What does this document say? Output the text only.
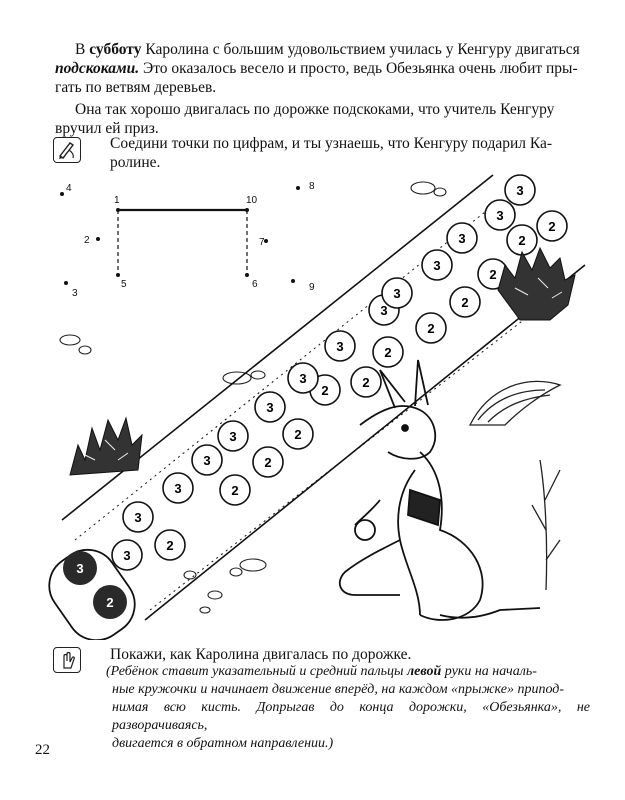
В субботу Каролина с большим удовольствием училась у Кенгуру двигаться
подскоками. Это оказалось весело и просто, ведь Обезьянка очень любит пры-
гать по ветвям деревьев.
Она так хорошо двигалась по дорожке подскоками, что учитель Кенгуру
вручил ей приз.
Соедини точки по цифрам, и ты узнаешь, что Кенгуру подарил Ка-
ролине.
1	10
4
2
3
5	6
7
8
9
3
2
3
3	2
3	2
3	2
3
2
3	2
3	2
3
2
3
2
3
2
3	2
3
2
3
3
2
Покажи, как Каролина двигалась по дорожке.
(Ребёнок ставит указательный и средний пальцы левой руки на началь-
ные кружочки и начинает движение вперёд, на каждом «прыжке» припод-
нимая всю кисть. Допрыгав до конца дорожки, «Обезьянка», не разворачиваясь,
двигается в обратном направлении.)
22
